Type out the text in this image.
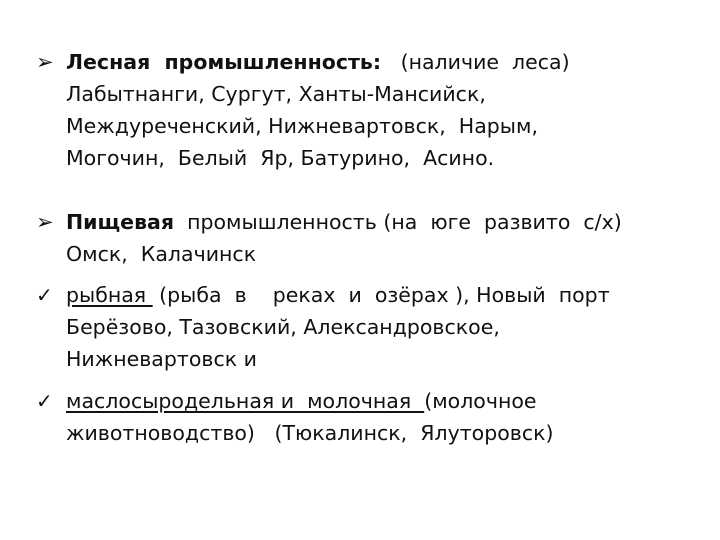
➢ Лесная  промышленность:   (наличие  леса)
Лабытнанги, Сургут, Ханты-Мансийск,
Междуреченский, Нижневартовск,  Нарым,
Могочин,  Белый  Яр, Батурино,  Асино.
➢ Пищевая  промышленность (на  юге  развито  с/х)
Омск,  Калачинск
✓ рыбная  (рыба  в    реках  и  озёрах ), Новый  порт
Берёзово, Тазовский, Александровское,
Нижневартовск и
✓ маслосыродельная и  молочная  (молочное
животноводство)   (Тюкалинск,  Ялуторовск)
